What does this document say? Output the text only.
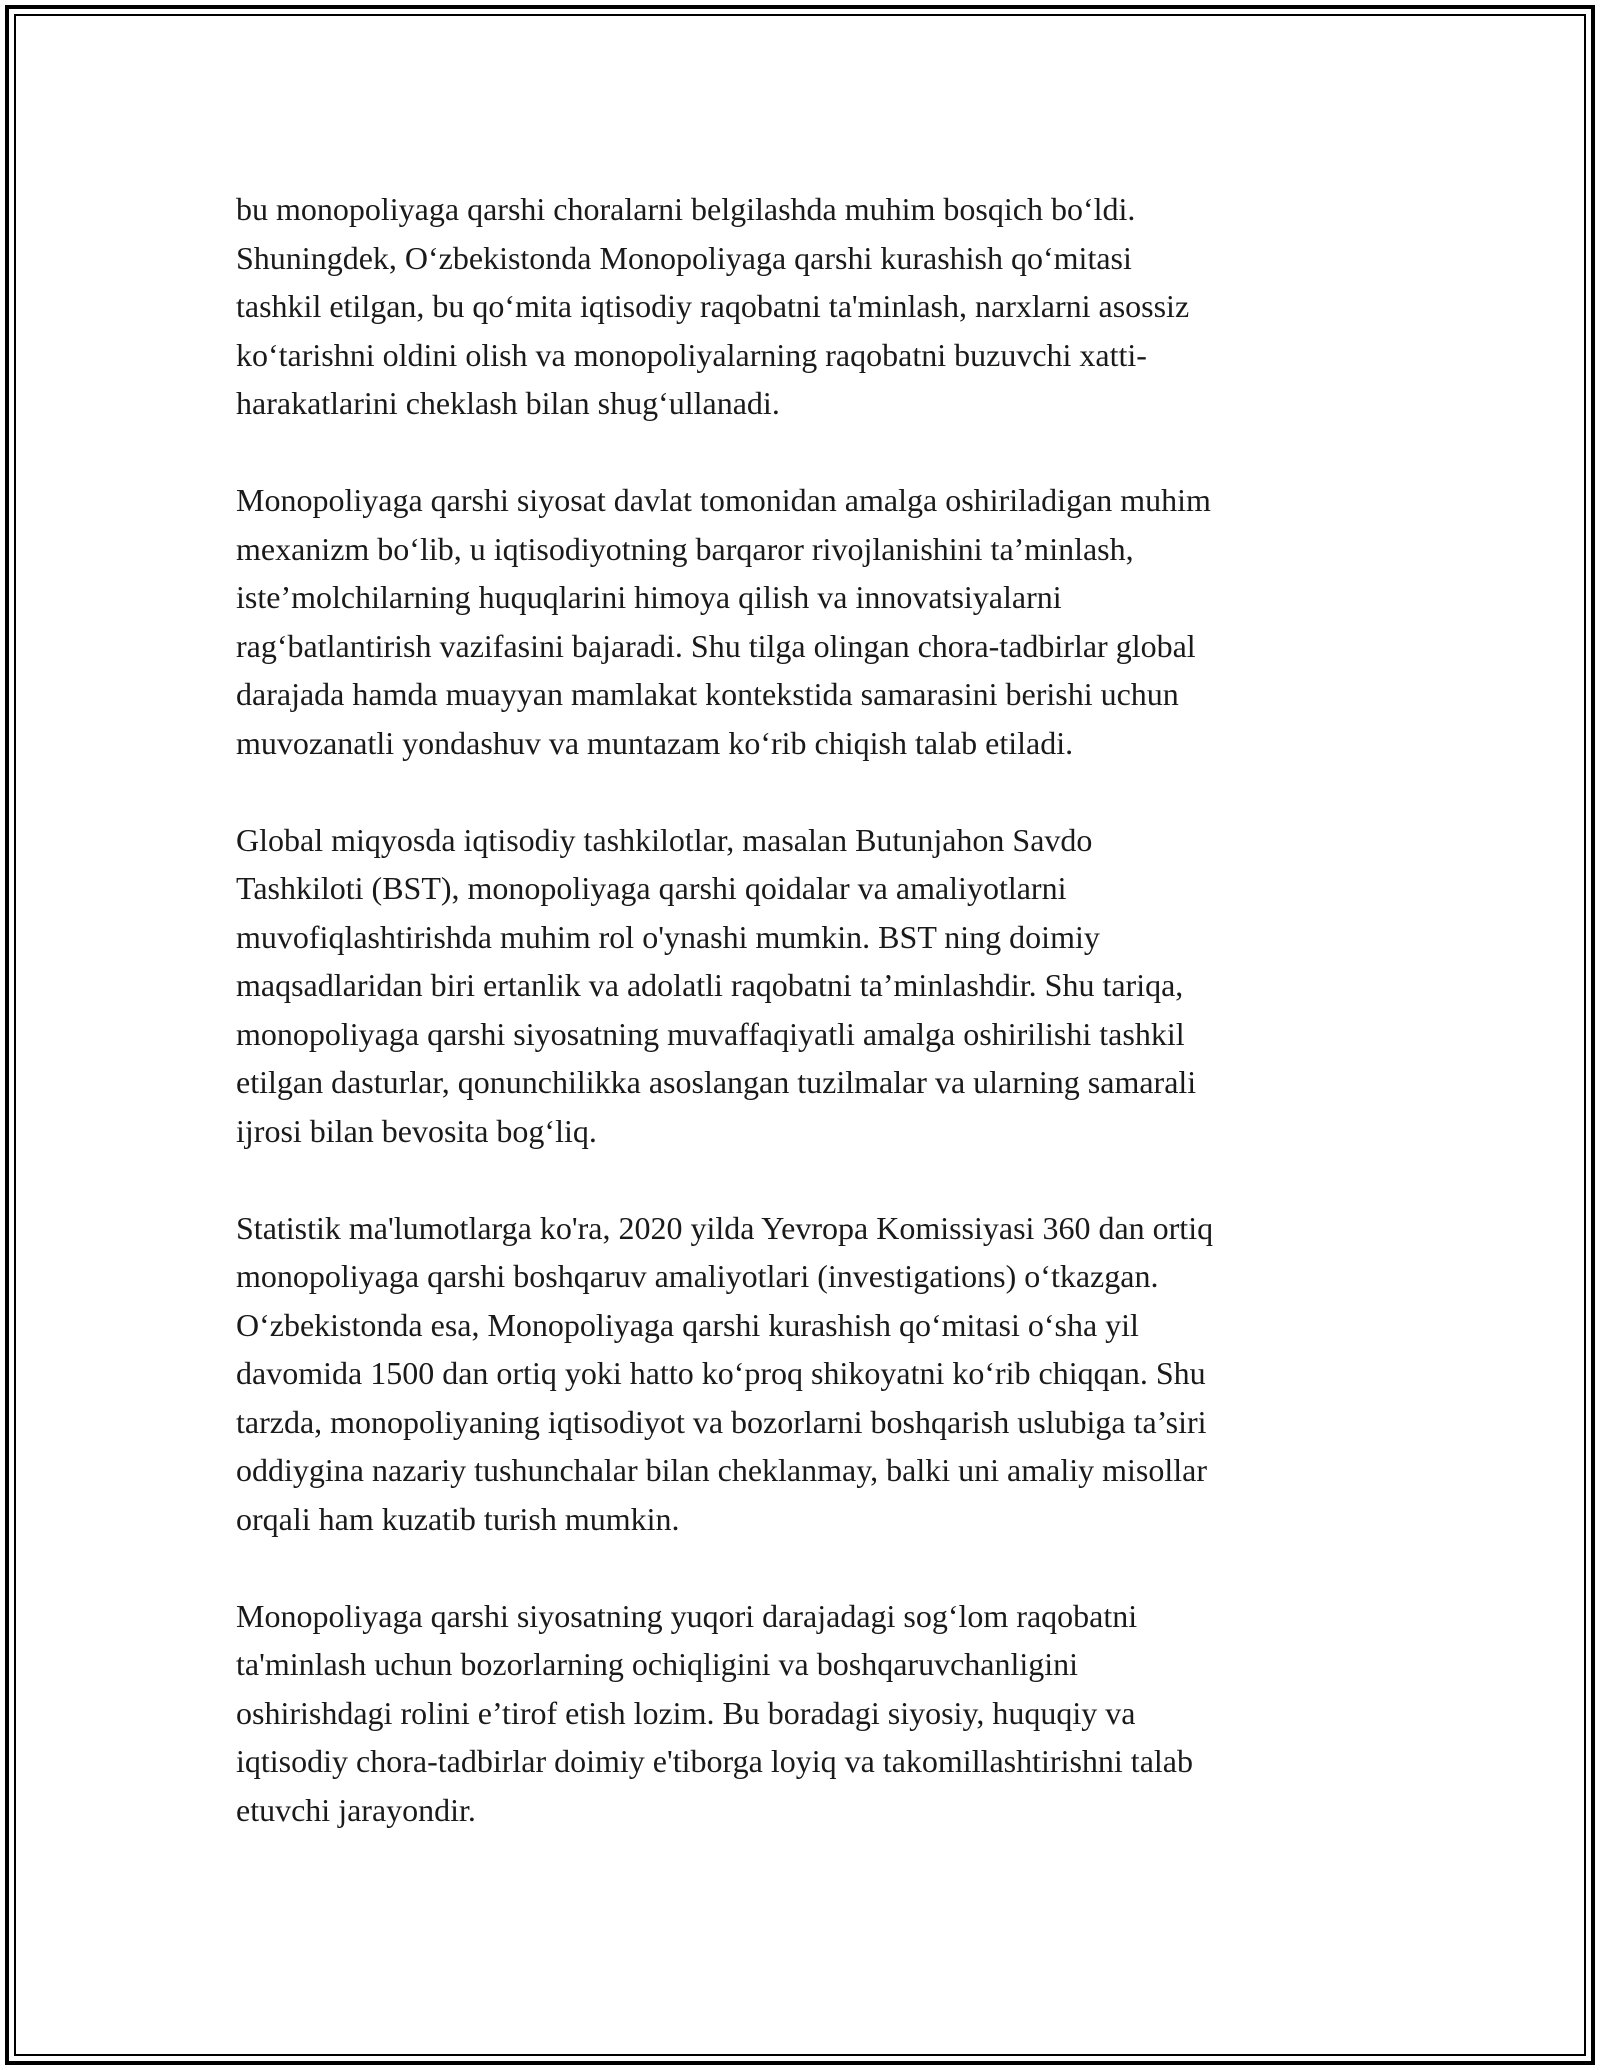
bu monopoliyaga qarshi choralarni belgilashda muhim bosqich bo‘ldi.
Shuningdek, O‘zbekistonda Monopoliyaga qarshi kurashish qo‘mitasi
tashkil etilgan, bu qo‘mita iqtisodiy raqobatni ta'minlash, narxlarni asossiz
ko‘tarishni oldini olish va monopoliyalarning raqobatni buzuvchi xatti-
harakatlarini cheklash bilan shug‘ullanadi.

Monopoliyaga qarshi siyosat davlat tomonidan amalga oshiriladigan muhim
mexanizm bo‘lib, u iqtisodiyotning barqaror rivojlanishini ta’minlash,
iste’molchilarning huquqlarini himoya qilish va innovatsiyalarni
rag‘batlantirish vazifasini bajaradi. Shu tilga olingan chora-tadbirlar global
darajada hamda muayyan mamlakat kontekstida samarasini berishi uchun
muvozanatli yondashuv va muntazam ko‘rib chiqish talab etiladi.

Global miqyosda iqtisodiy tashkilotlar, masalan Butunjahon Savdo
Tashkiloti (BST), monopoliyaga qarshi qoidalar va amaliyotlarni
muvofiqlashtirishda muhim rol o'ynashi mumkin. BST ning doimiy
maqsadlaridan biri ertanlik va adolatli raqobatni ta’minlashdir. Shu tariqa,
monopoliyaga qarshi siyosatning muvaffaqiyatli amalga oshirilishi tashkil
etilgan dasturlar, qonunchilikka asoslangan tuzilmalar va ularning samarali
ijrosi bilan bevosita bog‘liq.

Statistik ma'lumotlarga ko'ra, 2020 yilda Yevropa Komissiyasi 360 dan ortiq
monopoliyaga qarshi boshqaruv amaliyotlari (investigations) o‘tkazgan.
O‘zbekistonda esa, Monopoliyaga qarshi kurashish qo‘mitasi o‘sha yil
davomida 1500 dan ortiq yoki hatto ko‘proq shikoyatni ko‘rib chiqqan. Shu
tarzda, monopoliyaning iqtisodiyot va bozorlarni boshqarish uslubiga ta’siri
oddiygina nazariy tushunchalar bilan cheklanmay, balki uni amaliy misollar
orqali ham kuzatib turish mumkin.

Monopoliyaga qarshi siyosatning yuqori darajadagi sog‘lom raqobatni
ta'minlash uchun bozorlarning ochiqligini va boshqaruvchanligini
oshirishdagi rolini e’tirof etish lozim. Bu boradagi siyosiy, huquqiy va
iqtisodiy chora-tadbirlar doimiy e'tiborga loyiq va takomillashtirishni talab
etuvchi jarayondir.
